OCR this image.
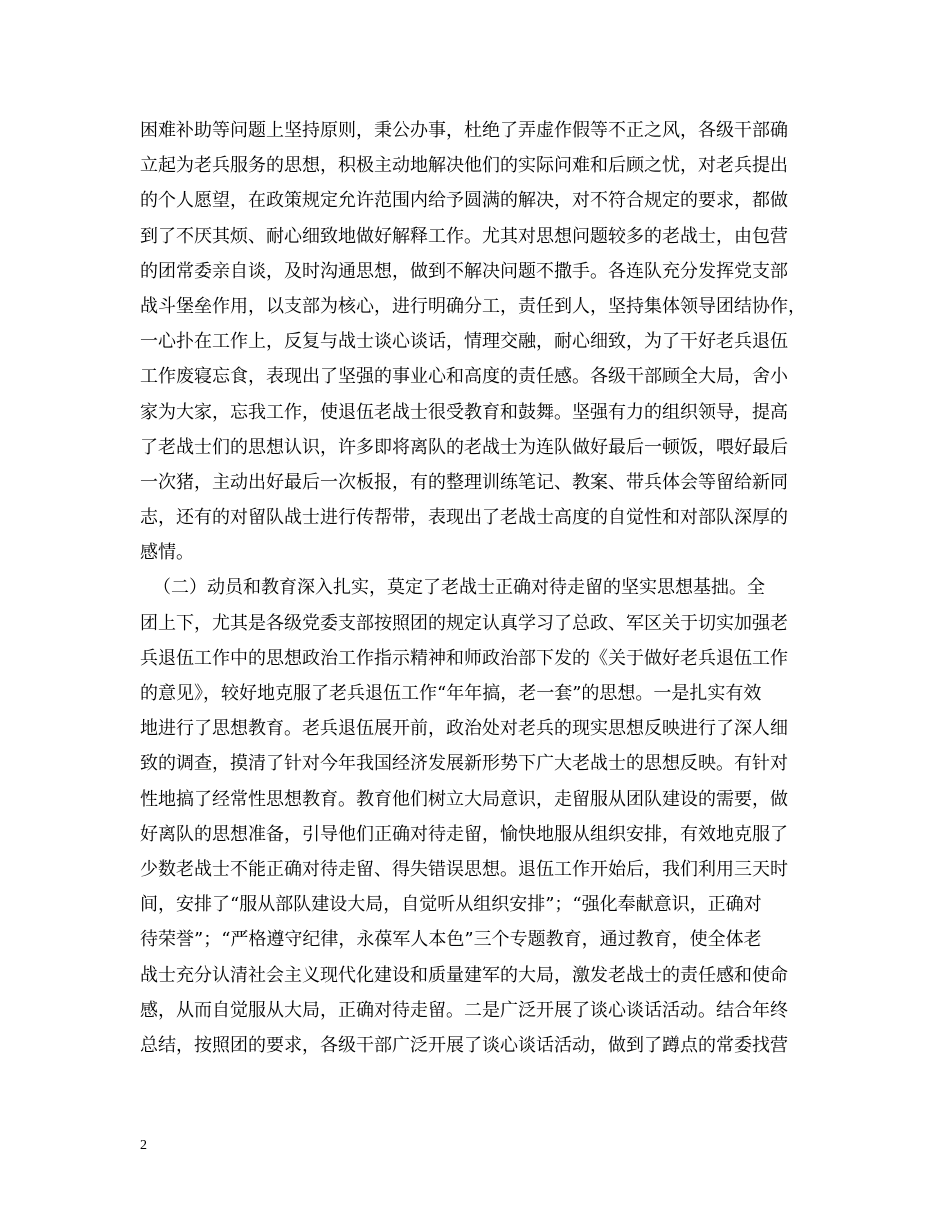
困难补助等问题上坚持原则，秉公办事，杜绝了弄虚作假等不正之风，各级干部确
立起为老兵服务的思想，积极主动地解决他们的实际问难和后顾之忧，对老兵提出
的个人愿望，在政策规定允许范围内给予圆满的解决，对不符合规定的要求，都做
到了不厌其烦、耐心细致地做好解释工作。尤其对思想问题较多的老战士，由包营
的团常委亲自谈，及时沟通思想，做到不解决问题不撒手。各连队充分发挥党支部
战斗堡垒作用，以支部为核心，进行明确分工，责任到人，坚持集体领导团结协作，
一心扑在工作上，反复与战士谈心谈话，情理交融，耐心细致，为了干好老兵退伍
工作废寝忘食，表现出了坚强的事业心和高度的责任感。各级干部顾全大局，舍小
家为大家，忘我工作，使退伍老战士很受教育和鼓舞。坚强有力的组织领导，提高
了老战士们的思想认识，许多即将离队的老战士为连队做好最后一顿饭，喂好最后
一次猪，主动出好最后一次板报，有的整理训练笔记、教案、带兵体会等留给新同
志，还有的对留队战士进行传帮带，表现出了老战士高度的自觉性和对部队深厚的
感情。
（二）动员和教育深入扎实，莫定了老战士正确对待走留的坚实思想基拙。全
团上下，尤其是各级党委支部按照团的规定认真学习了总政、军区关于切实加强老
兵退伍工作中的思想政治工作指示精神和师政治部下发的《关于做好老兵退伍工作
的意见》，较好地克服了老兵退伍工作“年年搞，老一套”的思想。一是扎实有效
地进行了思想教育。老兵退伍展开前，政治处对老兵的现实思想反映进行了深人细
致的调查，摸清了针对今年我国经济发展新形势下广大老战士的思想反映。有针对
性地搞了经常性思想教育。教育他们树立大局意识，走留服从团队建设的需要，做
好离队的思想准备，引导他们正确对待走留，愉快地服从组织安排，有效地克服了
少数老战士不能正确对待走留、得失错误思想。退伍工作开始后，我们利用三天时
间，安排了“服从部队建设大局，自觉听从组织安排”；“强化奉献意识，正确对
待荣誉”；“严格遵守纪律，永葆军人本色”三个专题教育，通过教育，使全体老
战士充分认清社会主义现代化建设和质量建军的大局，激发老战士的责任感和使命
感，从而自觉服从大局，正确对待走留。二是广泛开展了谈心谈话活动。结合年终
总结，按照团的要求，各级干部广泛开展了谈心谈话活动，做到了蹲点的常委找营
2
